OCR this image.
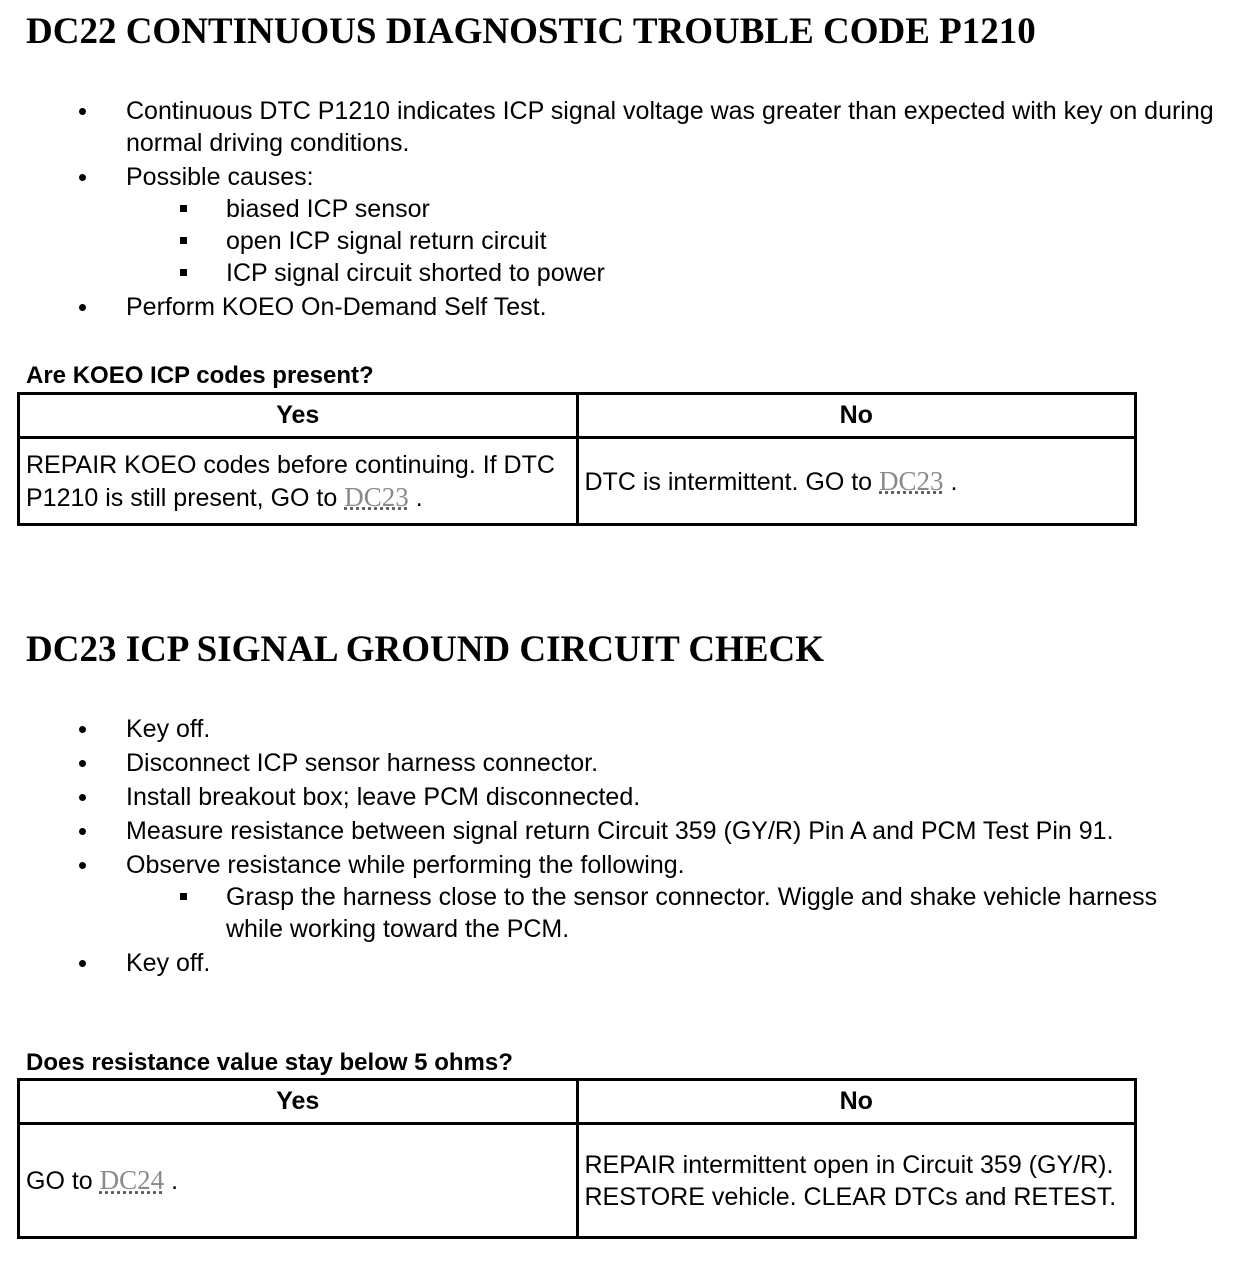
DC22 CONTINUOUS DIAGNOSTIC TROUBLE CODE P1210
Continuous DTC P1210 indicates ICP signal voltage was greater than expected with key on during normal driving conditions.
Possible causes:
biased ICP sensor
open ICP signal return circuit
ICP signal circuit shorted to power
Perform KOEO On-Demand Self Test.

Are KOEO ICP codes present?

Yes	No
REPAIR KOEO codes before continuing. If DTC P1210 is still present, GO to DC23 .	DTC is intermittent. GO to DC23 .
DC23 ICP SIGNAL GROUND CIRCUIT CHECK
Key off.
Disconnect ICP sensor harness connector.
Install breakout box; leave PCM disconnected.
Measure resistance between signal return Circuit 359 (GY/R) Pin A and PCM Test Pin 91.
Observe resistance while performing the following.
Grasp the harness close to the sensor connector. Wiggle and shake vehicle harness while working toward the PCM.
Key off.

Does resistance value stay below 5 ohms?

Yes	No
GO to DC24 .	REPAIR intermittent open in Circuit 359 (GY/R). RESTORE vehicle. CLEAR DTCs and RETEST.
